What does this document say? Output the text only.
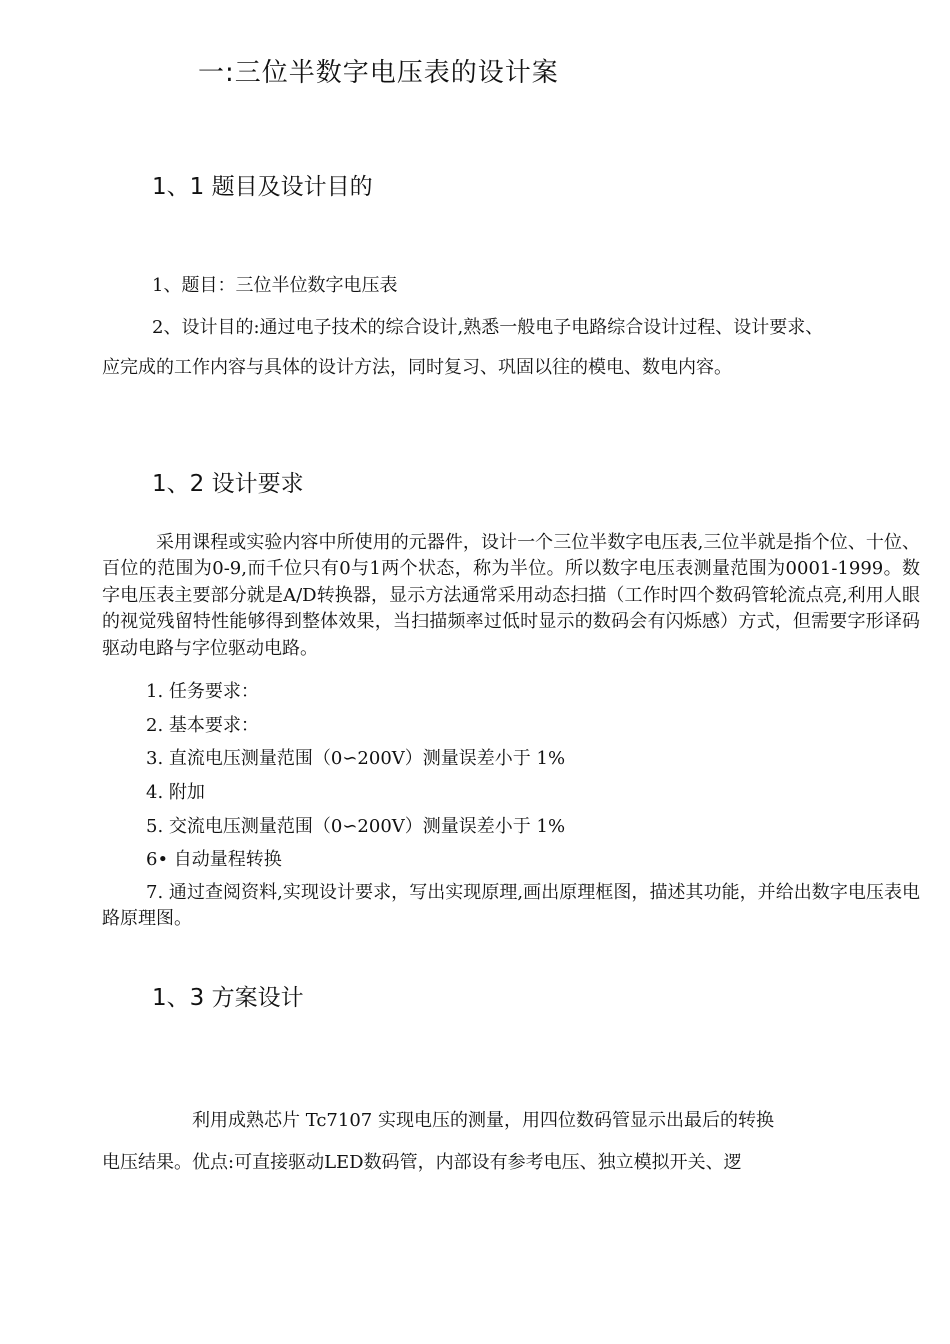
一:三位半数字电压表的设计案
1、1 题目及设计目的
1、题目：三位半位数字电压表
2、设计目的:通过电子技术的综合设计,熟悉一般电子电路综合设计过程、设计要求、
应完成的工作内容与具体的设计方法，同时复习、巩固以往的模电、数电内容。
1、2 设计要求
采用课程或实验内容中所使用的元器件，设计一个三位半数字电压表,三位半就是指个位、十位、百位的范围为0-9,而千位只有0与1两个状态，称为半位。所以数字电压表测量范围为0001-1999。数字电压表主要部分就是A/D转换器，显示方法通常采用动态扫描（工作时四个数码管轮流点亮,利用人眼的视觉残留特性能够得到整体效果，当扫描频率过低时显示的数码会有闪烁感）方式，但需要字形译码驱动电路与字位驱动电路。
1. 任务要求：
2. 基本要求：
3. 直流电压测量范围（0∽200V）测量误差小于 1%
4. 附加
5. 交流电压测量范围（0∽200V）测量误差小于 1%
6• 自动量程转换
7. 通过查阅资料,实现设计要求，写出实现原理,画出原理框图，描述其功能，并给出数字电压表电路原理图。
1、3 方案设计
利用成熟芯片 Tc7107 实现电压的测量，用四位数码管显示出最后的转换
电压结果。优点:可直接驱动LED数码管，内部设有参考电压、独立模拟开关、逻
